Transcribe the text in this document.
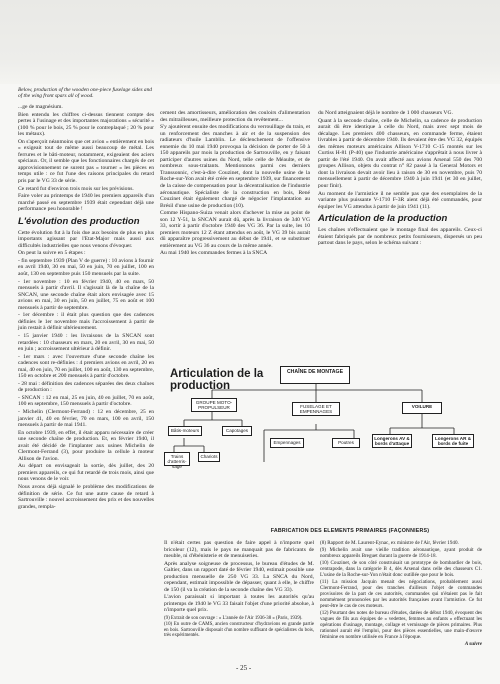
Below, production of the wooden one-piece fuselage sides and of the wing front spars all of wood.

...ge de magnésium.

Bien entendu les chiffres ci-dessus tiennent compte des pertes à l'usinage et des importantes majorations « sécurité » (100 % pour le bois, 25 % pour le contreplaqué ; 20 % pour les métaux).

On s'aperçoit néanmoins que cet avion « entièrement en bois » exigeait tout de même aussi beaucoup de métal. Les ferrures et le bâti-moteur, notamment, exigeaient des aciers spéciaux. Or, il semble que les fonctionnaires chargés de cet approvisionnement ne surent pas « tourner » les pièces en temps utile : ce fut l'une des raisons principales du retard pris par le VG 33 de série.

Ce retard fut d'environ trois mois sur les prévisions.

Faire voler au printemps de 1940 les premiers appareils d'un marché passé en septembre 1939 était cependant déjà une performance peu honorable !

L'évolution des production

Cette évolution fut à la fois due aux besoins de plus en plus importants agissant par l'Etat-Major mais aussi aux difficultés industrielles que nous venons d'évoquer.

On peut la suivre en 5 étapes :

- fin septembre 1939 (Plan V de guerre) : 10 avions à fournir en avril 1940, 30 en mai, 50 en juin, 70 en juillet, 100 en août, 130 en septembre puis 150 mensuels par la suite.

- 1er novembre : 10 en février 1940, 40 en mars, 50 mensuels à partir d'avril. Il s'agissait là de la chaîne de la SNCAN, une seconde chaîne était alors envisagée avec 15 avions en mai, 30 en juin, 50 en juillet, 75 en août et 100 mensuels à partir de septembre.

- 1er décembre : il était plus question que des cadences définies le 1er novembre mais l'accroissement à partir de juin restait à définir ultérieurement.

- 15 janvier 1940 : les livraisons de la SNCAN sont retardées : 10 chasseurs en mars, 20 en avril, 30 en mai, 50 en juin ; accroissement ultérieur à définir.

- 1er mars : avec l'ouverture d'une seconde chaîne les cadences sont re-définies : 4 premiers avions en avril, 20 en mai, 40 en juin, 70 en juillet, 100 en août, 130 en septembre, 150 en octobre et 200 mensuels à partir d'octobre.

- 28 mai : définition des cadences séparées des deux chaînes de production :

- SNCAN : 12 en mai, 25 en juin, 40 en juillet, 70 en août, 100 en septembre, 150 mensuels à partir d'octobre.

- Michelin (Clermont-Ferrand) : 12 en décembre, 25 en janvier 41, 40 en février, 70 en mars, 100 en avril, 150 mensuels à partir de mai 1941.

En octobre 1939, en effet, il était apparu nécessaire de créer une seconde chaîne de production. Et, en février 1940, il avait été décidé de l'implanter aux usines Michelin de Clermont-Ferrand (3), pour produire la cellule à moteur Allison de l'avion.

Au départ on envisageait la sortie, dès juillet, des 20 premiers appareils, ce qui fut retardé de trois mois, ainsi que nous venons de le voir.

Nous avons déjà signalé le problème des modifications de définition de série. Ce fut une autre cause de retard à Sartrouville : nouvel accroissement des prix et des nouvelles grandes, rempla-

cement des amortisseurs, amélioration des couloirs d'alimentation des mitrailleuses, meilleure protection du revêtement...

S'y ajoutèrent ensuite des modifications du verrouillage du train, et un renforcement des manches à air et de la suspension des radiateurs d'huile Lamblin. Le déclenchement de l'offensive ennemie du 10 mai 1940 provoqua la décision de porter de 50 à 150 appareils par mois la production de Sartrouville, en y faisant participer d'autres usines du Nord, telle celle de Méaulte, et de nombreux sous-traitants. Mentionnons parmi ces derniers Transsonnic, c'est-à-dire Couzinet, dont la nouvelle usine de la Roche-sur-Yon avait été créée en septembre 1939, sur financement de la caisse de compensation pour la décentralisation de l'industrie aéronautique. Spécialiste de la construction en bois, René Couzinet était également chargé de négocier l'implantation au Brésil d'une usine de production (10).

Comme Hispano-Suiza venait alors d'achever la mise au point de son 12 Y-51, la SNCAN aurait dû, après la livraison de 340 VG 33, sortir à partir d'octobre 1940 des VG 36. Par la suite, les 10 premiers moteurs 12 Z étant attendus en août, le VG 39 bis aurait dû apparaître progressivement au début de 1941, et se substituer entièrement au VG 36 au cours de la même année.

Au mai 1940 les commandes fermes à la SNCA

du Nord atteignaient déjà le nombre de 1 000 chasseurs VG.

Quant à la seconde chaîne, celle de Michelin, sa cadence de production aurait dû être identique à celle du Nord, mais avec sept mois de décalage. Les premiers 400 chasseurs, en commande ferme, étaient livrables à partir de décembre 1940. Ils devaient être des VG 32, équipés des mêmes moteurs américains Allison V-1710 C-15 montés sur les Curtiss H-81 (P-40) que l'industrie américaine s'apprêtait à nous livrer à partir de l'été 1940. On avait affecté aux avions Arsenal 550 des 700 groupes Allison, objets du contrat n° 82 passé à la General Motors et dont la livraison devait avoir lieu à raison de 30 en novembre, puis 70 mensuellement à partir de décembre 1940 à juin 1941 (et 30 en juillet, pour finir).

Au moment de l'armistice il ne semble pas que des exemplaires de la variante plus puissante V-1710 F-3R aient déjà été commandés, pour équiper les VG attendus à partir de juin 1941 (11).

Articulation de la production

Les chaînes n'effectuaient que le montage final des appareils. Ceux-ci étaient fabriqués par de nombreux petits fournisseurs, dispersés un peu partout dans le pays, selon le schéma suivant :

Articulation de la production
CHAÎNE DE MONTAGE
GROUPE MOTO-PROPULSEUR	FUSELAGE ET EMPENNAGES
VOILURE
Bâtis-moteurs	Capotages
Empennages	Poutres
Longerons AV & bords d'attaque
Longerons AR & bords de fuite
Trains d'atterris-sage
Chariots
FABRICATION DES ELEMENTS PRIMAIRES (FAÇONNIERS)

Il n'était certes pas question de faire appel à n'importe quel bricoleur (12), mais le pays ne manquait pas de fabricants de meuble, ni d'ébénisterie et de menuiseries.

Après analyse soigneuse de processus, le bureau d'études de M. Galtier, dans un rapport daté de février 1940, estimait possible une production mensuelle de 250 VG 33. La SNCA du Nord, cependant, estimait impossible de dépasser, quant à elle, le chiffre de 150 (il va la création de la seconde chaîne des VG 33).

L'avion paraissait si important à toutes les autorités qu'au printemps de 1940 le VG 33 faisait l'objet d'une priorité absolue, à n'importe quel prix.

(9) Extrait de son ouvrage : « L'année de l'Air 1936-38 » (Paris, 1939).
(10) En outre de CAMS, ancien constructeur d'hydravions en grande partie en bois. Sartrouville disposait d'un nombre suffisant de spécialistes du bois, très expérimentés.

(8) Rapport de M. Laurent-Eynac, ex ministre de l'Air, février 1940.

(9) Michelin avait une vieille tradition aéronautique, ayant produit de nombreux appareils Breguet durant la guerre de 1914-18.

(10) Couzinet, de son côté construisait un prototype de bombardier de bois, centrapode, dans la catégorie B 4, dès Arsenal dans celle des chasseurs C1. L'usine de la Roche-sur-Yon n'était donc outillée que pour le bois.

(11) La mission Jacquin menait des négociations, probablement aussi Clermont-Ferrand, pour des tranches d'ailleurs l'objet de commandes provisoires de la part de ces autorités, commandes qui n'étaient pas le fait nommément prononcées par les autorités françaises avant l'armistice. Ce fut peut-être le cas de ces moteurs.

(12) Pourtant des notes de bureau d'études, datées de début 1940, évoquent des vagues de fils aux équipes de « vedettes, femmes au enfants » effectuant les opérations d'usinage, montage, collage et vernissage de pièces primaires. Plus rationnel aurait été l'emploi, pour des pièces essentielles, une main-d'œuvre féminine en nombre utilisée en France à l'époque.

A suivre
- 25 -
